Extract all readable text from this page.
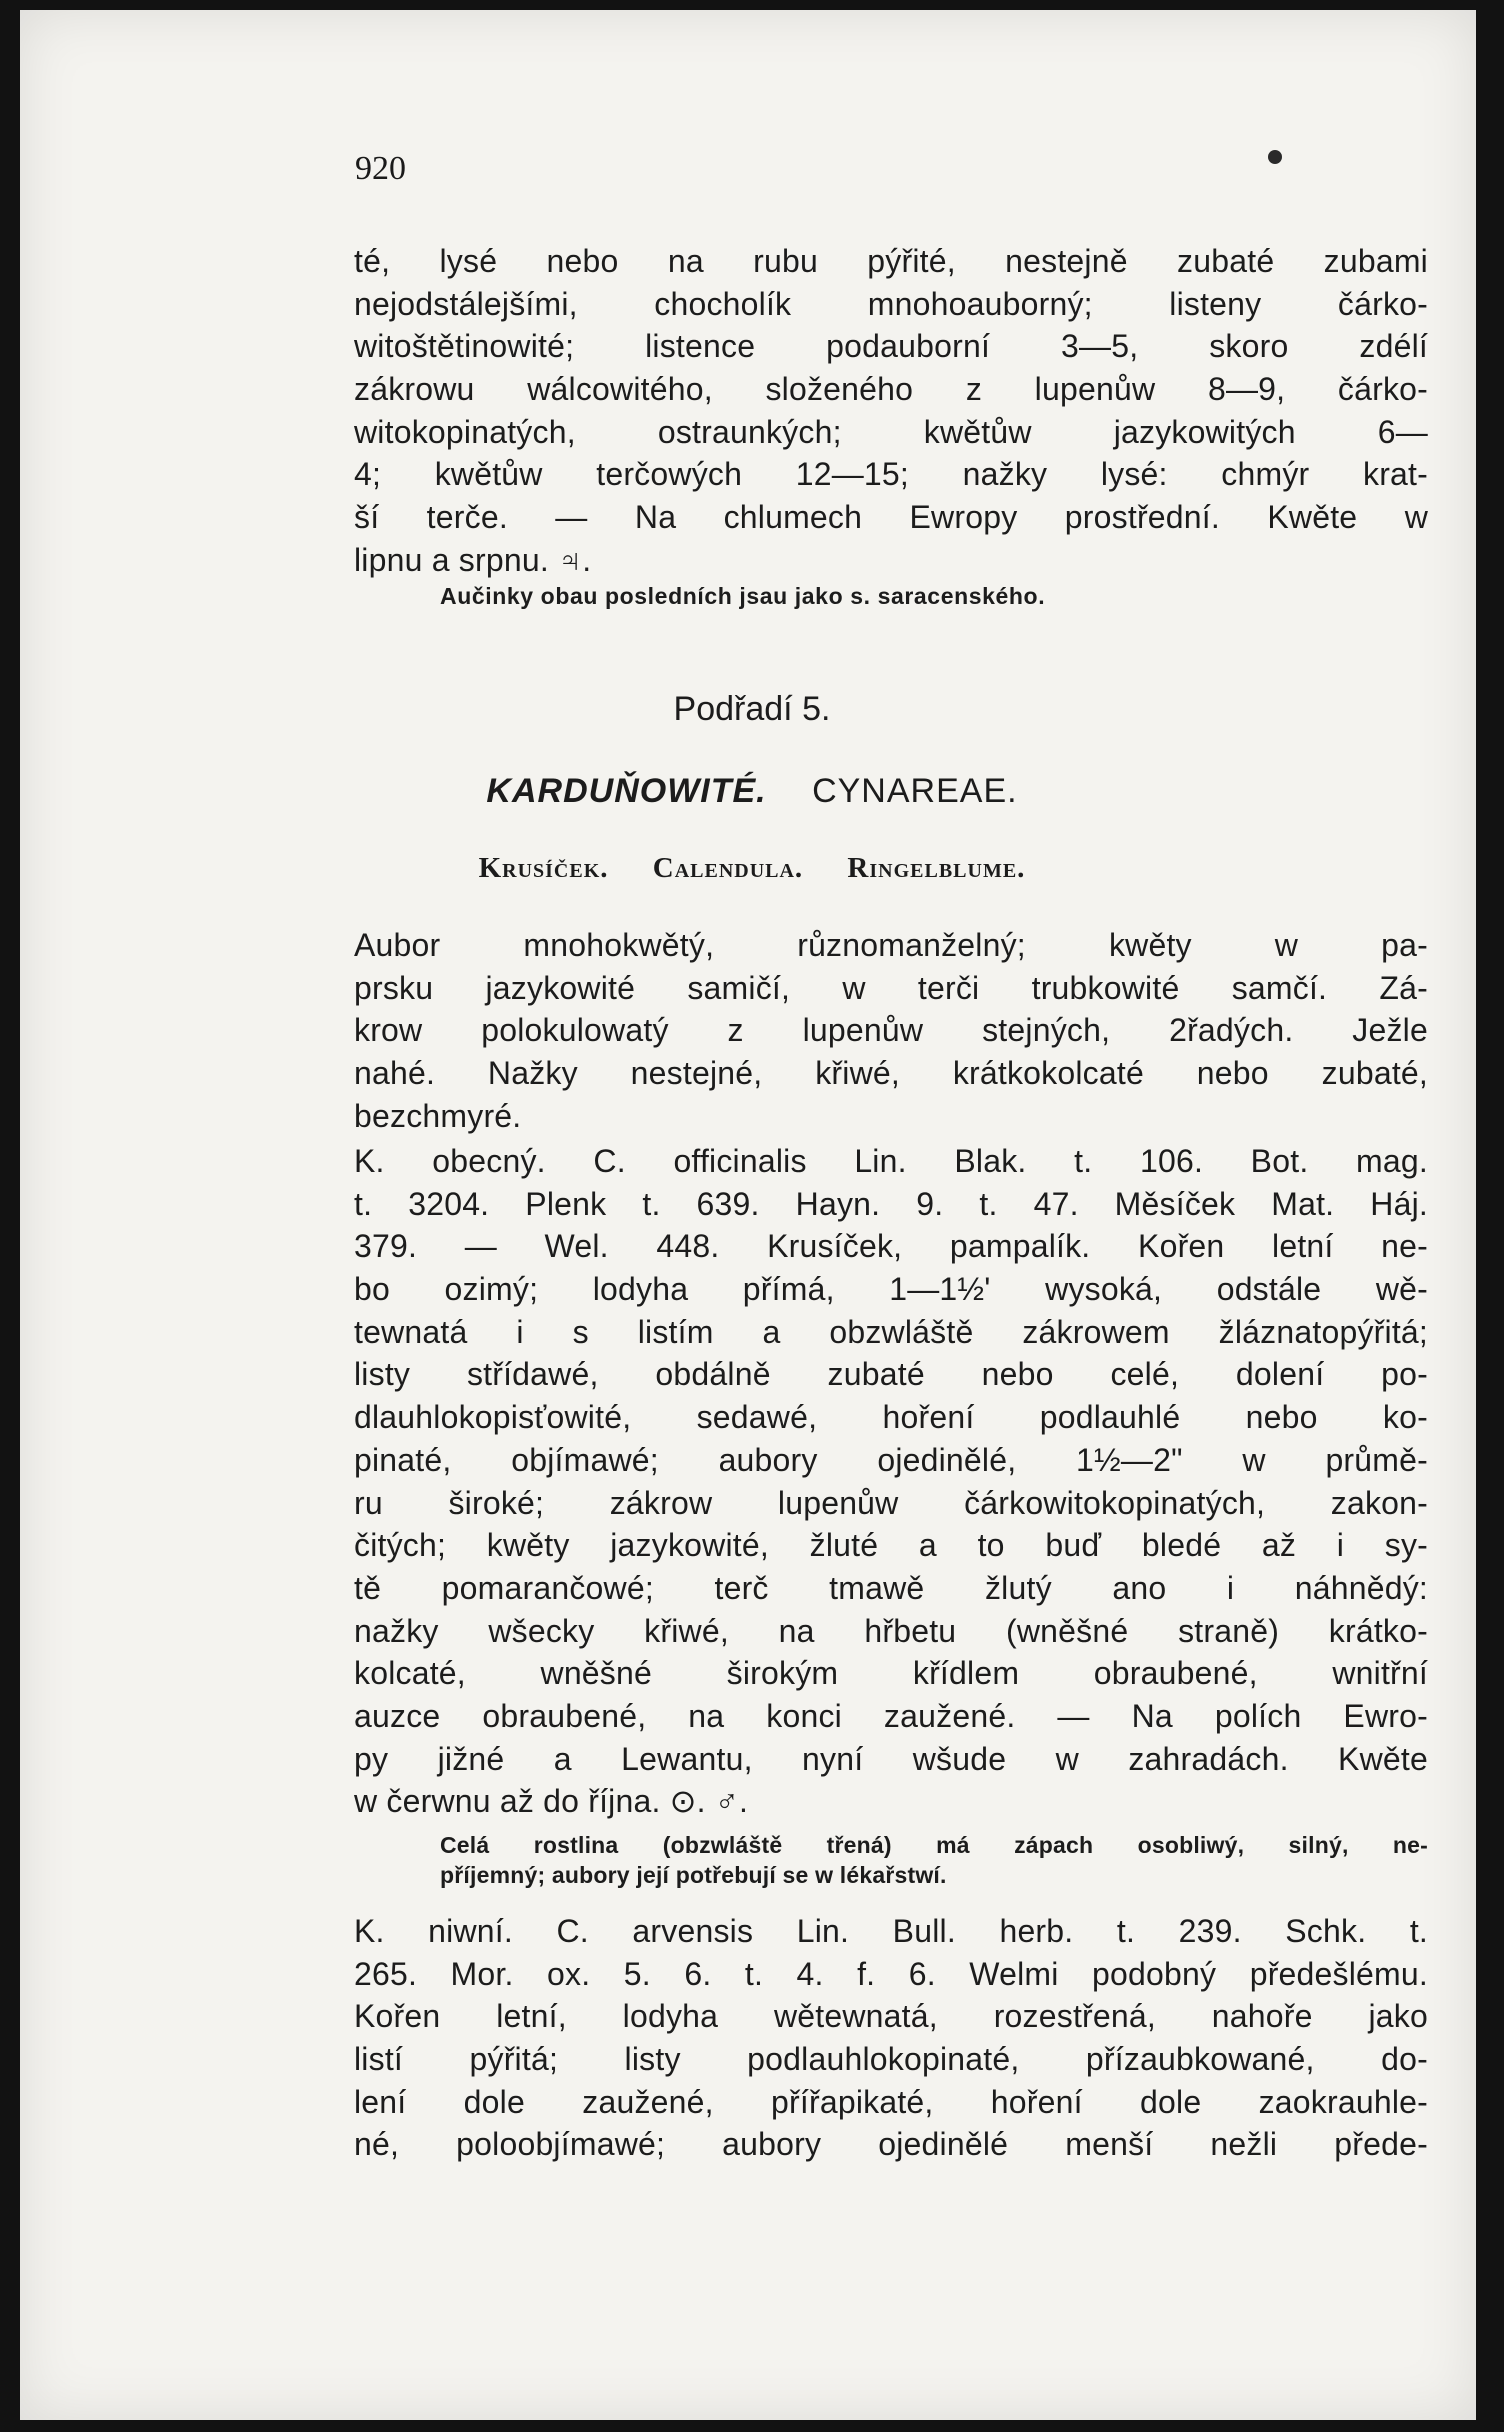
920
té, lysé nebo na rubu pýřité, nestejně zubaté zubami
nejodstálejšími, chocholík mnohoauborný; listeny čárko-
witoštětinowité; listence podauborní 3—5, skoro zdélí
zákrowu wálcowitého, složeného z lupenůw 8—9, čárko-
witokopinatých, ostraunkých; kwětůw jazykowitých 6—
4; kwětůw terčowých 12—15; nažky lysé: chmýr krat-
ší terče. — Na chlumech Ewropy prostřední. Kwěte w
lipnu a srpnu. ♃.
Aučinky obau posledních jsau jako s. saracenského.
Podřadí 5.
KARDUŇOWITÉ. CYNAREAE.
Krusíček. Calendula. Ringelblume.
Aubor mnohokwětý, různomanželný; kwěty w pa-
prsku jazykowité samičí, w terči trubkowité samčí. Zá-
krow polokulowatý z lupenůw stejných, 2řadých. Ježle
nahé. Nažky nestejné, křiwé, krátkokolcaté nebo zubaté,
bezchmyré.
K. obecný. C. officinalis Lin. Blak. t. 106. Bot. mag.
t. 3204. Plenk t. 639. Hayn. 9. t. 47. Měsíček Mat. Háj.
379. — Wel. 448. Krusíček, pampalík. Kořen letní ne-
bo ozimý; lodyha přímá, 1—1½' wysoká, odstále wě-
tewnatá i s listím a obzwláště zákrowem žláznatopýřitá;
listy střídawé, obdálně zubaté nebo celé, dolení po-
dlauhlokopisťowité, sedawé, hoření podlauhlé nebo ko-
pinaté, objímawé; aubory ojedinělé, 1½—2" w průmě-
ru široké; zákrow lupenůw čárkowitokopinatých, zakon-
čitých; kwěty jazykowité, žluté a to buď bledé až i sy-
tě pomarančowé; terč tmawě žlutý ano i náhnědý:
nažky wšecky křiwé, na hřbetu (wněšné straně) krátko-
kolcaté, wněšné širokým křídlem obraubené, wnitřní
auzce obraubené, na konci zaužené. — Na polích Ewro-
py jižné a Lewantu, nyní wšude w zahradách. Kwěte
w čerwnu až do října. ⊙. ♂.
Celá rostlina (obzwláště třená) má zápach osobliwý, silný, ne-
příjemný; aubory její potřebují se w lékařstwí.
K. niwní. C. arvensis Lin. Bull. herb. t. 239. Schk. t.
265. Mor. ox. 5. 6. t. 4. f. 6. Welmi podobný předešlému.
Kořen letní, lodyha wětewnatá, rozestřená, nahoře jako
listí pýřitá; listy podlauhlokopinaté, přízaubkowané, do-
lení dole zaužené, přířapikaté, hoření dole zaokrauhle-
né, poloobjímawé; aubory ojedinělé menší nežli přede-
